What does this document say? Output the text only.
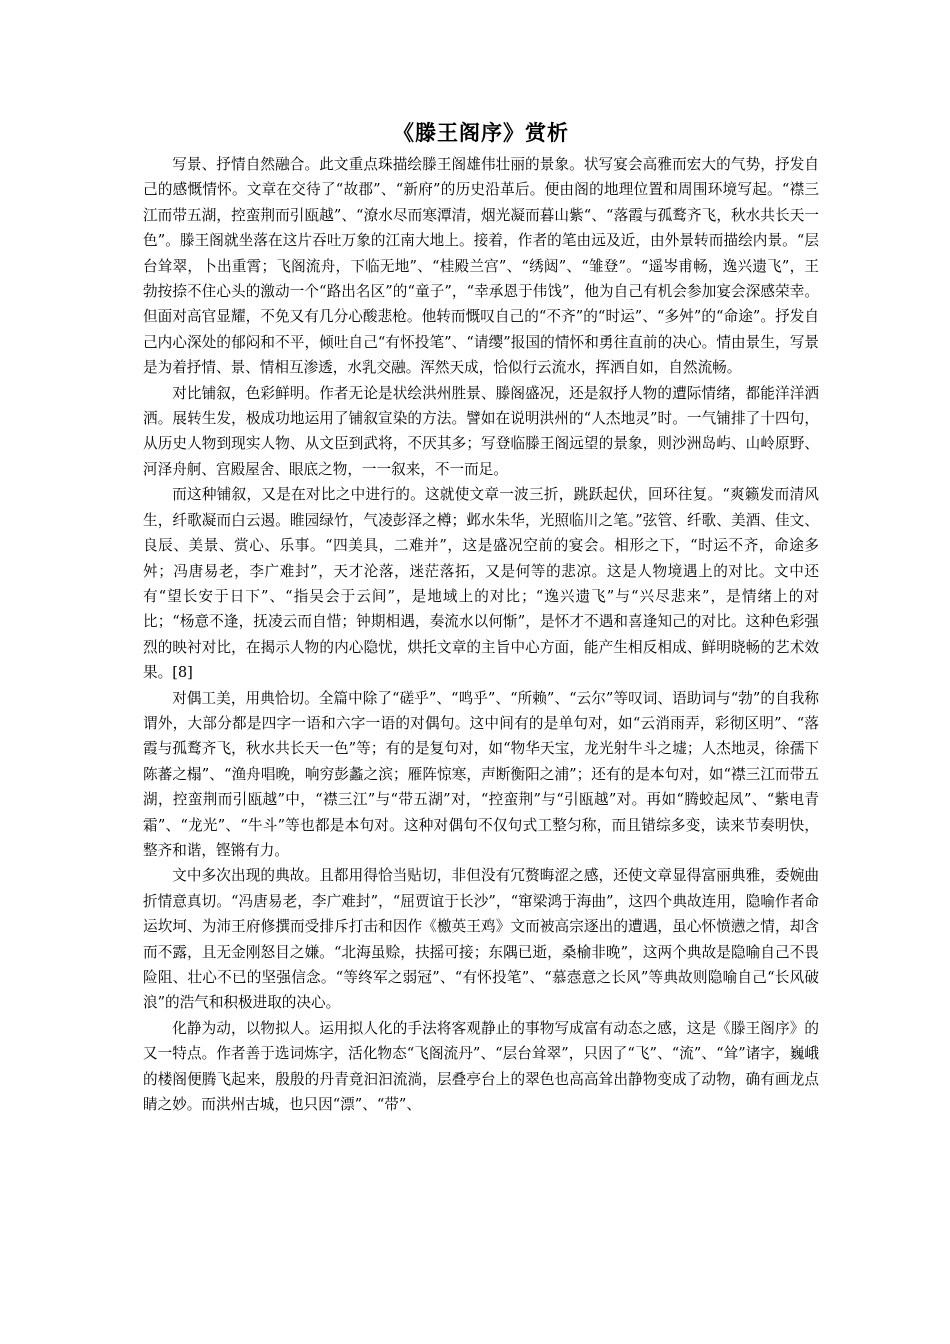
《滕王阁序》赏析

写景、抒情自然融合。此文重点珠描绘滕王阁雄伟壮丽的景象。状写宴会高雅而宏大的气势，抒发自己的感慨情怀。文章在交待了“故郡”、“新府”的历史沿革后。便由阁的地理位置和周围环境写起。“襟三江而带五湖，控蛮荆而引瓯越”、“潦水尽而寒潭清，烟光凝而暮山紫“、“落霞与孤鹜齐飞，秋水共长天一色”。滕王阁就坐落在这片吞吐万象的江南大地上。接着，作者的笔由远及近，由外景转而描绘内景。“层台耸翠，卜出重霄；飞阁流舟，下临无地”、“桂殿兰宫”、“绣闼”、“雏登”。“遥岑甫畅，逸兴遗飞”，王勃按捺不住心头的激动一个“路出名区”的“童子”，“幸承恩于伟饯”，他为自己有机会参加宴会深感荣幸。但面对高官显耀，不免又有几分心酸悲枪。他转而慨叹自己的“不齐”的“时运”、“多舛”的“命途”。抒发自己内心深处的郁闷和不平，倾吐自己“有怀投笔”、“请缨”报国的情怀和勇往直前的决心。情由景生，写景是为着抒情、景、情相互渗透，水乳交融。浑然天成，恰似行云流水，挥洒自如，自然流畅。

对比铺叙，色彩鲜明。作者无论是状绘洪州胜景、滕阁盛况，还是叙抒人物的遭际情绪，都能洋洋洒洒。展转生发，极成功地运用了铺叙宣染的方法。譬如在说明洪州的“人杰地灵”时。一气铺排了十四句，从历史人物到现实人物、从文臣到武将，不厌其多；写登临滕王阁远望的景象，则沙洲岛屿、山岭原野、河泽舟舸、宫殿屋舍、眼底之物，一一叙来，不一而足。

而这种铺叙，又是在对比之中进行的。这就使文章一波三折，跳跃起伏，回环往复。“爽籁发而清风生，纤歌凝而白云遏。睢园绿竹，气凌彭泽之樽；邺水朱华，光照临川之笔。”弦管、纤歌、美酒、佳文、良辰、美景、赏心、乐事。“四美具，二难并”，这是盛况空前的宴会。相形之下，“时运不齐，命途多舛；冯唐易老，李广难封”，天才沦落，迷茫落拓，又是何等的悲凉。这是人物境遇上的对比。文中还有“望长安于日下”、“指吴会于云间”，是地域上的对比；“逸兴遗飞”与“兴尽悲来”，是情绪上的对比；“杨意不逢，抚凌云而自惜；钟期相遇，奏流水以何惭”，是怀才不遇和喜逢知己的对比。这种色彩强烈的映衬对比，在揭示人物的内心隐忧，烘托文章的主旨中心方面，能产生相反相成、鲜明晓畅的艺术效果。[8]

对偶工美，用典恰切。全篇中除了“磋乎”、“鸣乎”、“所赖”、“云尔”等叹词、语助词与“勃”的自我称谓外，大部分都是四字一语和六字一语的对偶句。这中间有的是单句对，如“云消雨弄，彩彻区明”、“落霞与孤鹜齐飞，秋水共长天一色”等；有的是复句对，如“物华天宝，龙光射牛斗之墟；人杰地灵，徐孺下陈蕃之榻”、“渔舟唱晚，响穷彭蠡之滨；雁阵惊寒，声断衡阳之浦”；还有的是本句对，如“襟三江而带五湖，控蛮荆而引瓯越”中，“襟三江”与“带五湖”对，“控蛮荆”与“引瓯越”对。再如“腾蛟起凤”、“紫电青霜”、“龙光”、“牛斗”等也都是本句对。这种对偶句不仅句式工整匀称，而且错综多变，读来节奏明快，整齐和谐，铿锵有力。

文中多次出现的典故。且都用得恰当贴切，非但没有冗赘晦涩之感，还使文章显得富丽典雅，委婉曲折情意真切。“冯唐易老，李广难封”，“屈贾谊于长沙”，“窜梁鸿于海曲”，这四个典故连用，隐喻作者命运坎坷、为沛王府修撰而受排斥打击和因作《檄英王鸡》文而被高宗逐出的遭遇，虽心怀愤懑之情，却含而不露，且无金刚怒目之嫌。“北海虽赊，扶摇可接；东隅已逝，桑榆非晚”，这两个典故是隐喻自己不畏险阻、壮心不已的坚强信念。“等终军之弱冠”、“有怀投笔”、“慕悫意之长风”等典故则隐喻自己“长风破浪”的浩气和积极进取的决心。

化静为动，以物拟人。运用拟人化的手法将客观静止的事物写成富有动态之感，这是《滕王阁序》的又一特点。作者善于选词炼字，活化物态“飞阁流丹”、“层台耸翠”，只因了“飞”、“流”、“耸”诸字，巍峨的楼阁便腾飞起来，殷殷的丹青竟汩汩流淌，层叠亭台上的翠色也高高耸出静物变成了动物，确有画龙点睛之妙。而洪州古城，也只因“漂”、“带”、
